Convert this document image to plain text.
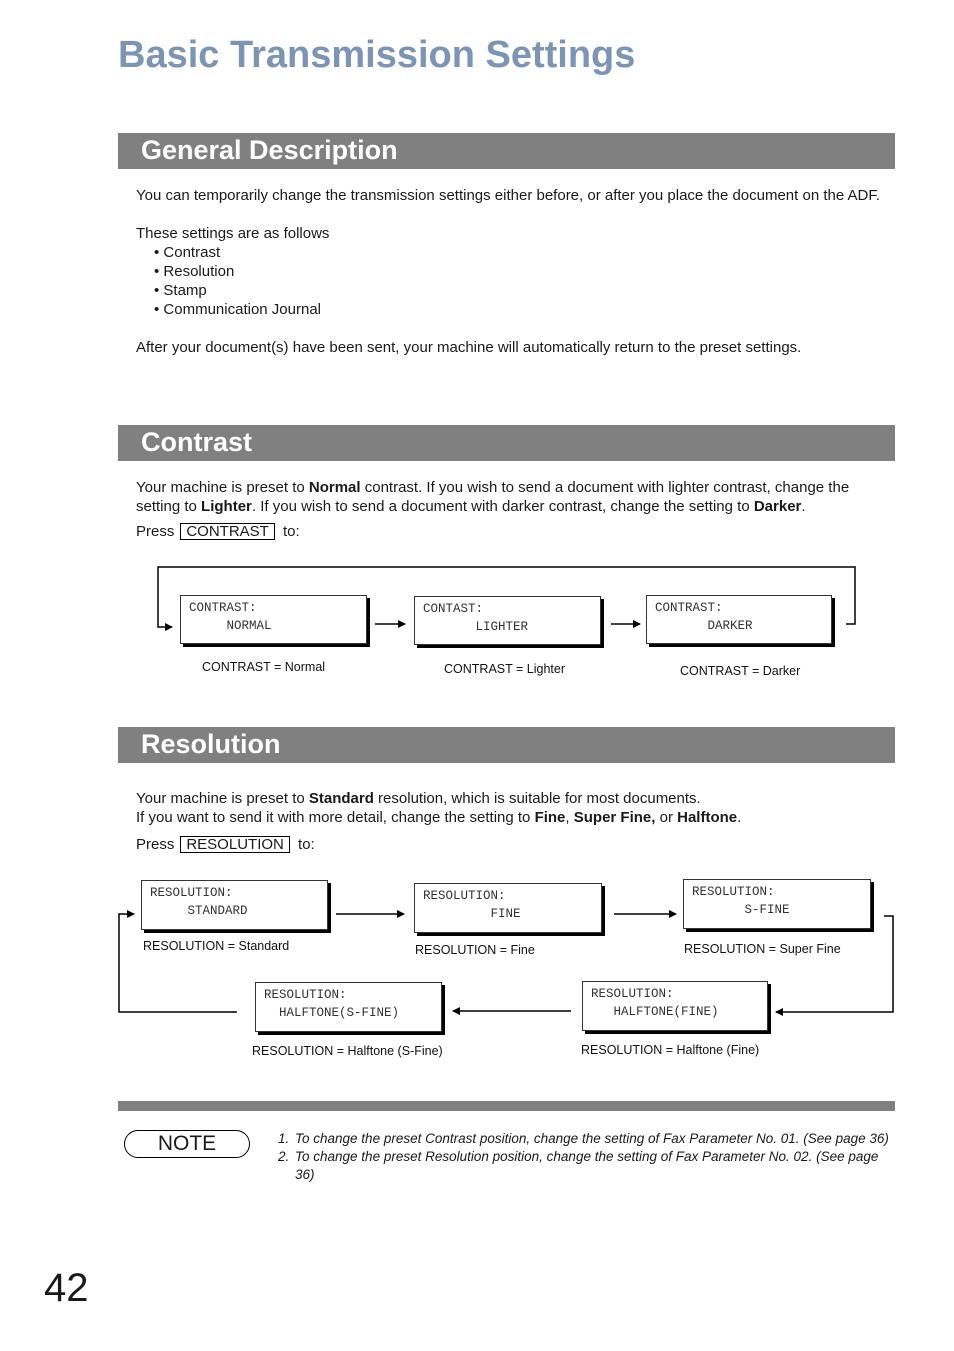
Basic Transmission Settings
General Description

You can temporarily change the transmission settings either before, or after you place the document on the ADF.

These settings are as follows

• Contrast

• Resolution

• Stamp

• Communication Journal

After your document(s) have been sent, your machine will automatically return to the preset settings.

Contrast

Your machine is preset to Normal contrast. If you wish to send a document with lighter contrast, change the setting to Lighter. If you wish to send a document with darker contrast, change the setting to Darker.

Press CONTRAST to:

CONTRAST:
NORMAL
CONTAST:
LIGHTER
CONTRAST:
DARKER
CONTRAST = Normal	CONTRAST = Lighter	CONTRAST = Darker
Resolution

Your machine is preset to Standard resolution, which is suitable for most documents.

If you want to send it with more detail, change the setting to Fine, Super Fine, or Halftone.

Press RESOLUTION to:

RESOLUTION:
STANDARD
RESOLUTION:
FINE
RESOLUTION:
S-FINE
RESOLUTION:
HALFTONE(S-FINE)
RESOLUTION:
HALFTONE(FINE)
RESOLUTION = Standard	RESOLUTION = Fine	RESOLUTION = Super Fine
RESOLUTION = Halftone (S-Fine)	RESOLUTION = Halftone (Fine)
NOTE	1. To change the preset Contrast position, change the setting of Fax Parameter No. 01. (See page 36)
2. To change the preset Resolution position, change the setting of Fax Parameter No. 02. (See page 36)
42
